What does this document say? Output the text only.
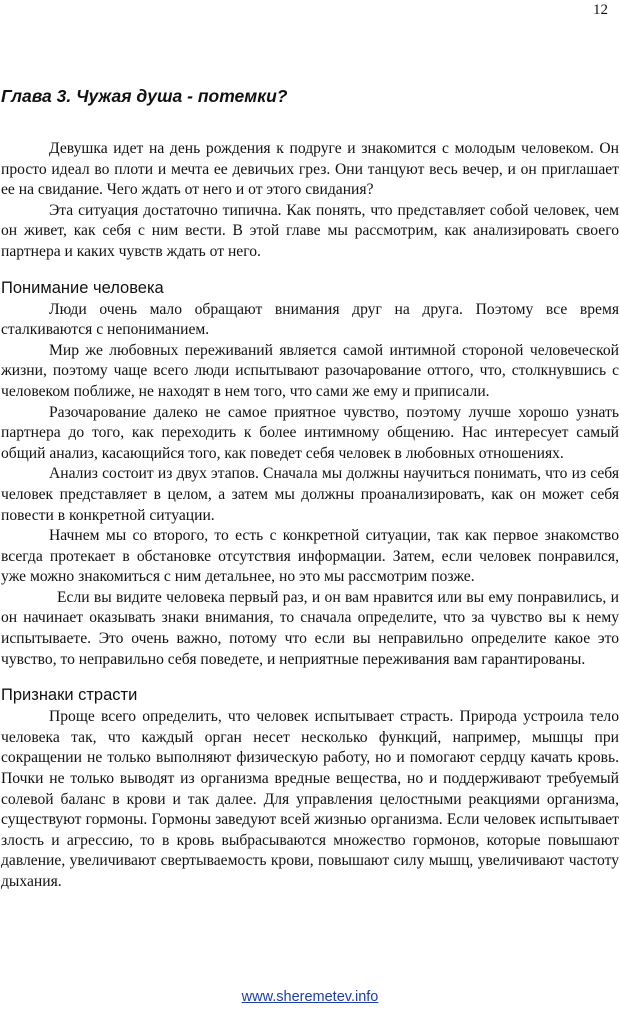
12
Глава 3. Чужая душа - потемки?

Девушка идет на день рождения к подруге и знакомится с молодым человеком. Он просто идеал во плоти и мечта ее девичьих грез. Они танцуют весь вечер, и он приглашает ее на свидание. Чего ждать от него и от этого свидания?

Эта ситуация достаточно типична. Как понять, что представляет собой человек, чем он живет, как себя с ним вести. В этой главе мы рассмотрим, как анализировать своего партнера и каких чувств ждать от него.

Понимание человека

Люди очень мало обращают внимания друг на друга. Поэтому все время сталкиваются с непониманием.

Мир же любовных переживаний является самой интимной стороной человеческой жизни, поэтому чаще всего люди испытывают разочарование оттого, что, столкнувшись с человеком поближе, не находят в нем того, что сами же ему и приписали.

Разочарование далеко не самое приятное чувство, поэтому лучше хорошо узнать партнера до того, как переходить к более интимному общению. Нас интересует самый общий анализ, касающийся того, как поведет себя человек в любовных отношениях.

Анализ состоит из двух этапов. Сначала мы должны научиться понимать, что из себя человек представляет в целом, а затем мы должны проанализировать, как он может себя повести в конкретной ситуации.

Начнем мы со второго, то есть с конкретной ситуации, так как первое знакомство всегда протекает в обстановке отсутствия информации. Затем, если человек понравился, уже можно знакомиться с ним детальнее, но это мы рассмотрим позже.

Если вы видите человека первый раз, и он вам нравится или вы ему понравились, и он начинает оказывать знаки внимания, то сначала определите, что за чувство вы к нему испытываете. Это очень важно, потому что если вы неправильно определите какое это чувство, то неправильно себя поведете, и неприятные переживания вам гарантированы.

Признаки страсти

Проще всего определить, что человек испытывает страсть. Природа устроила тело человека так, что каждый орган несет несколько функций, например, мышцы при сокращении не только выполняют физическую работу, но и помогают сердцу качать кровь. Почки не только выводят из организма вредные вещества, но и поддерживают требуемый солевой баланс в крови и так далее. Для управления целостными реакциями организма, существуют гормоны. Гормоны заведуют всей жизнью организма. Если человек испытывает злость и агрессию, то в кровь выбрасываются множество гормонов, которые повышают давление, увеличивают свертываемость крови, повышают силу мышц, увеличивают частоту дыхания.

www.sheremetev.info
